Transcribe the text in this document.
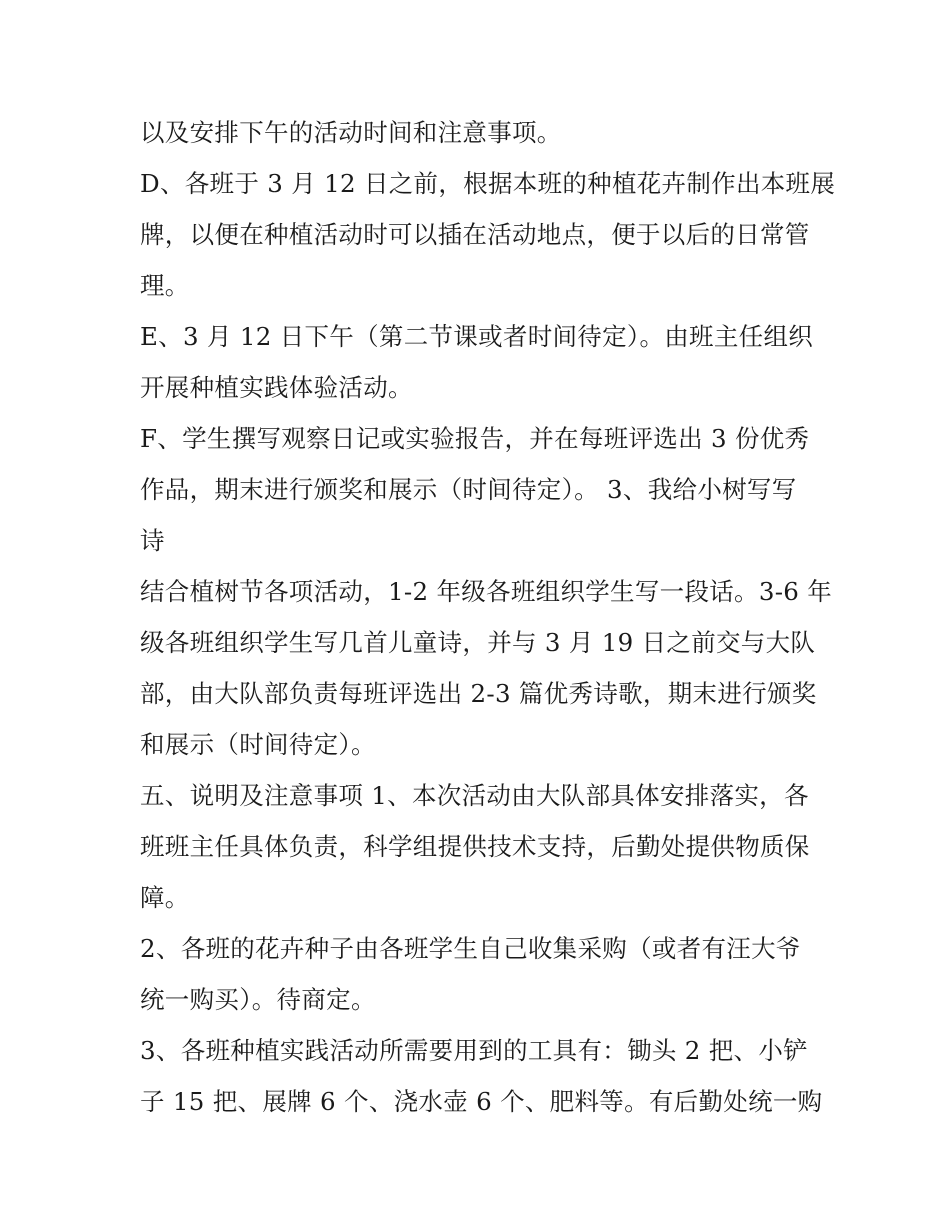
以及安排下午的活动时间和注意事项。
D、各班于 3 月 12 日之前，根据本班的种植花卉制作出本班展
牌，以便在种植活动时可以插在活动地点，便于以后的日常管
理。
E、3 月 12 日下午（第二节课或者时间待定）。由班主任组织
开展种植实践体验活动。
F、学生撰写观察日记或实验报告，并在每班评选出 3 份优秀
作品，期末进行颁奖和展示（时间待定）。 3、我给小树写写
诗
结合植树节各项活动，1-2 年级各班组织学生写一段话。3-6 年
级各班组织学生写几首儿童诗，并与 3 月 19 日之前交与大队
部，由大队部负责每班评选出 2-3 篇优秀诗歌，期末进行颁奖
和展示（时间待定）。
五、说明及注意事项 1、本次活动由大队部具体安排落实，各
班班主任具体负责，科学组提供技术支持，后勤处提供物质保
障。
2、各班的花卉种子由各班学生自己收集采购（或者有汪大爷
统一购买）。待商定。
3、各班种植实践活动所需要用到的工具有：锄头 2 把、小铲
子 15 把、展牌 6 个、浇水壶 6 个、肥料等。有后勤处统一购
